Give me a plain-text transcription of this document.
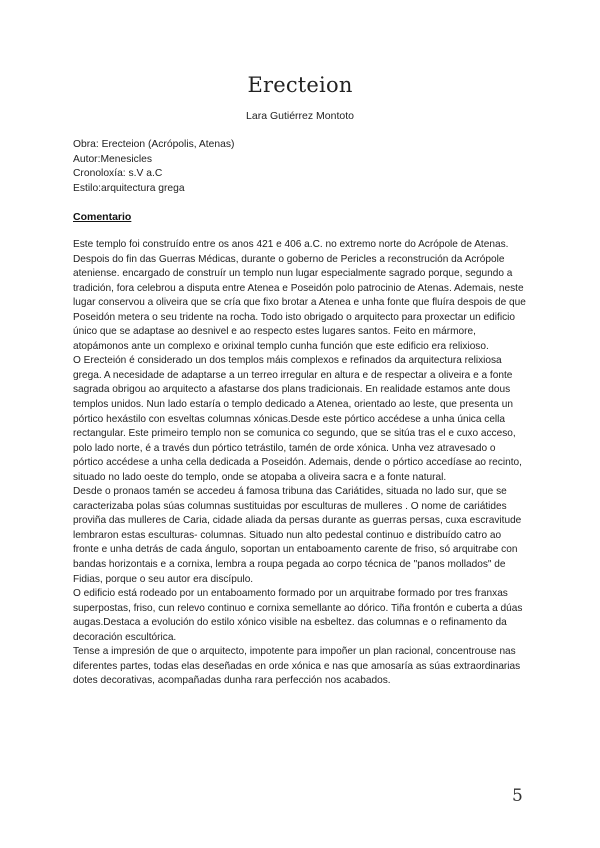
Erecteion
Lara Gutiérrez Montoto
Obra: Erecteion (Acrópolis, Atenas)
Autor:Menesicles
Cronoloxía: s.V a.C
Estilo:arquitectura grega
Comentario

Este templo foi construído entre os anos 421 e 406 a.C. no extremo norte do Acrópole de Atenas. Despois do fin das Guerras Médicas, durante o goberno de Pericles a reconstrución da Acrópole ateniense. encargado de construír un templo nun lugar especialmente sagrado porque, segundo a tradición, fora celebrou a disputa entre Atenea e Poseidón polo patrocinio de Atenas. Ademais, neste lugar conservou a oliveira que se cría que fixo brotar a Atenea e unha fonte que fluíra despois de que Poseidón metera o seu tridente na rocha. Todo isto obrigado o arquitecto para proxectar un edificio único que se adaptase ao desnivel e ao respecto estes lugares santos. Feito en mármore, atopámonos ante un complexo e orixinal templo cunha función que este edificio era relixioso.

O Erecteión é considerado un dos templos máis complexos e refinados da arquitectura relixiosa grega. A necesidade de adaptarse a un terreo irregular en altura e de respectar a oliveira e a fonte sagrada obrigou ao arquitecto a afastarse dos plans tradicionais. En realidade estamos ante dous templos unidos. Nun lado estaría o templo dedicado a Atenea, orientado ao leste, que presenta un pórtico hexástilo con esveltas columnas xónicas.Desde este pórtico accédese a unha única cella rectangular. Este primeiro templo non se comunica co segundo, que se sitúa tras el e cuxo acceso, polo lado norte, é a través dun pórtico tetrástilo, tamén de orde xónica. Unha vez atravesado o pórtico accédese a unha cella dedicada a Poseidón. Ademais, dende o pórtico accedíase ao recinto, situado no lado oeste do templo, onde se atopaba a oliveira sacra e a fonte natural.

Desde o pronaos tamén se accedeu á famosa tribuna das Cariátides, situada no lado sur, que se caracterizaba polas súas columnas sustituidas por esculturas de mulleres . O nome de cariátides proviña das mulleres de Caria, cidade aliada da persas durante as guerras persas, cuxa escravitude lembraron estas esculturas- columnas. Situado nun alto pedestal continuo e distribuído catro ao fronte e unha detrás de cada ángulo, soportan un entaboamento carente de friso, só arquitrabe con bandas horizontais e a cornixa, lembra a roupa pegada ao corpo técnica de "panos mollados" de Fidias, porque o seu autor era discípulo.

O edificio está rodeado por un entaboamento formado por un arquitrabe formado por tres franxas superpostas, friso, cun relevo continuo e cornixa semellante ao dórico. Tiña frontón e cuberta a dúas augas.Destaca a evolución do estilo xónico visible na esbeltez. das columnas e o refinamento da decoración escultórica.

Tense a impresión de que o arquitecto, impotente para impoñer un plan racional, concentrouse nas diferentes partes, todas elas deseñadas en orde xónica e nas que amosaría as súas extraordinarias dotes decorativas, acompañadas dunha rara perfección nos acabados.

5
